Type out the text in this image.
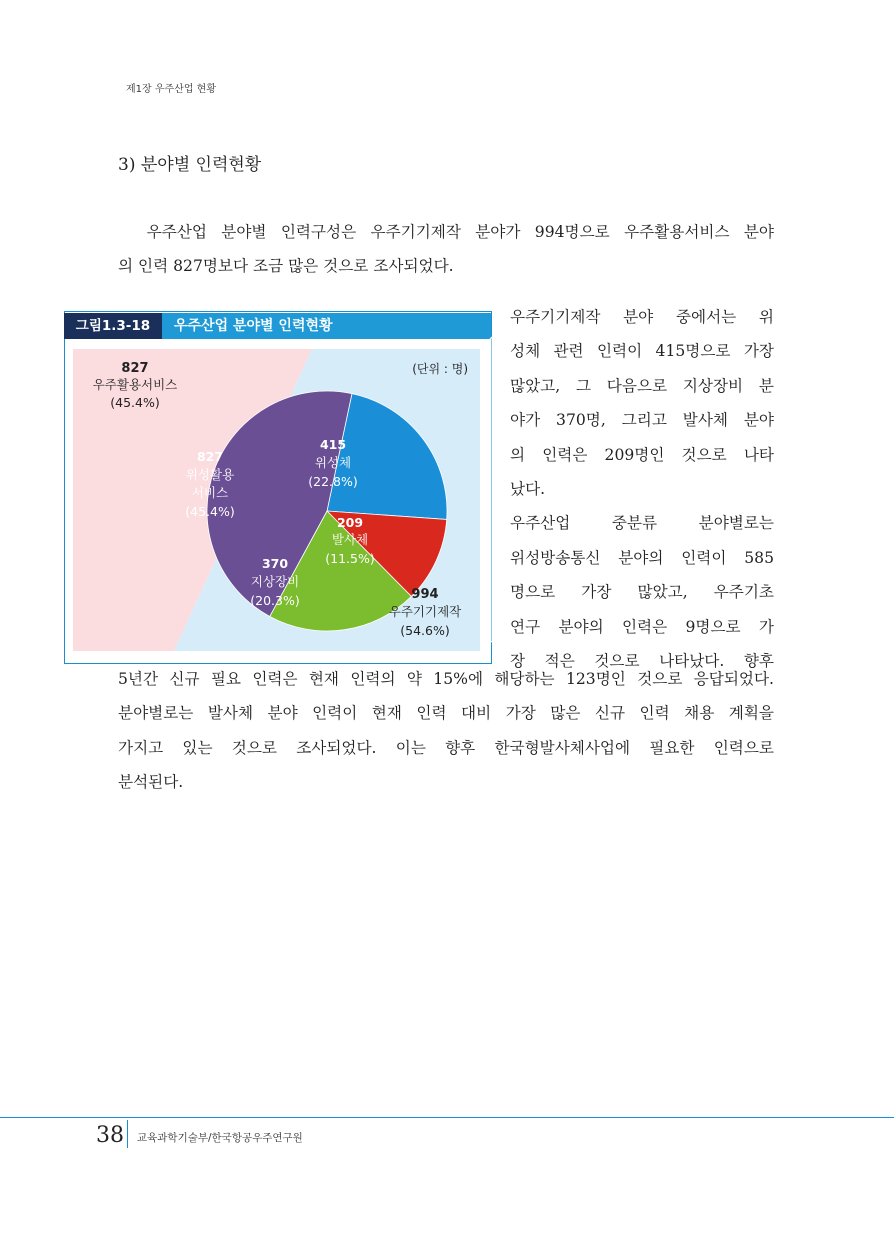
제1장 우주산업 현황
3) 분야별 인력현황
우주산업 분야별 인력구성은 우주기기제작 분야가 994명으로 우주활용서비스 분야
의 인력 827명보다 조금 많은 것으로 조사되었다.
그림1.3-18	우주산업 분야별 인력현황
(단위 : 명)
827
우주활용서비스
(45.4%)
994
우주기기제작
(54.6%)
827
위성활용
서비스
(45.4%)
415
위성체
(22.8%)
209
발사체
(11.5%)
370
지상장비
(20.3%)
우주기기제작 분야 중에서는 위
성체 관련 인력이 415명으로 가장
많았고, 그 다음으로 지상장비 분
야가 370명, 그리고 발사체 분야
의 인력은 209명인 것으로 나타
났다.
우주산업 중분류 분야별로는
위성방송통신 분야의 인력이 585
명으로 가장 많았고, 우주기초
연구 분야의 인력은 9명으로 가
장 적은 것으로 나타났다. 향후
5년간 신규 필요 인력은 현재 인력의 약 15%에 해당하는 123명인 것으로 응답되었다.
분야별로는 발사체 분야 인력이 현재 인력 대비 가장 많은 신규 인력 채용 계획을
가지고 있는 것으로 조사되었다. 이는 향후 한국형발사체사업에 필요한 인력으로
분석된다.
38 교육과학기술부/한국항공우주연구원
